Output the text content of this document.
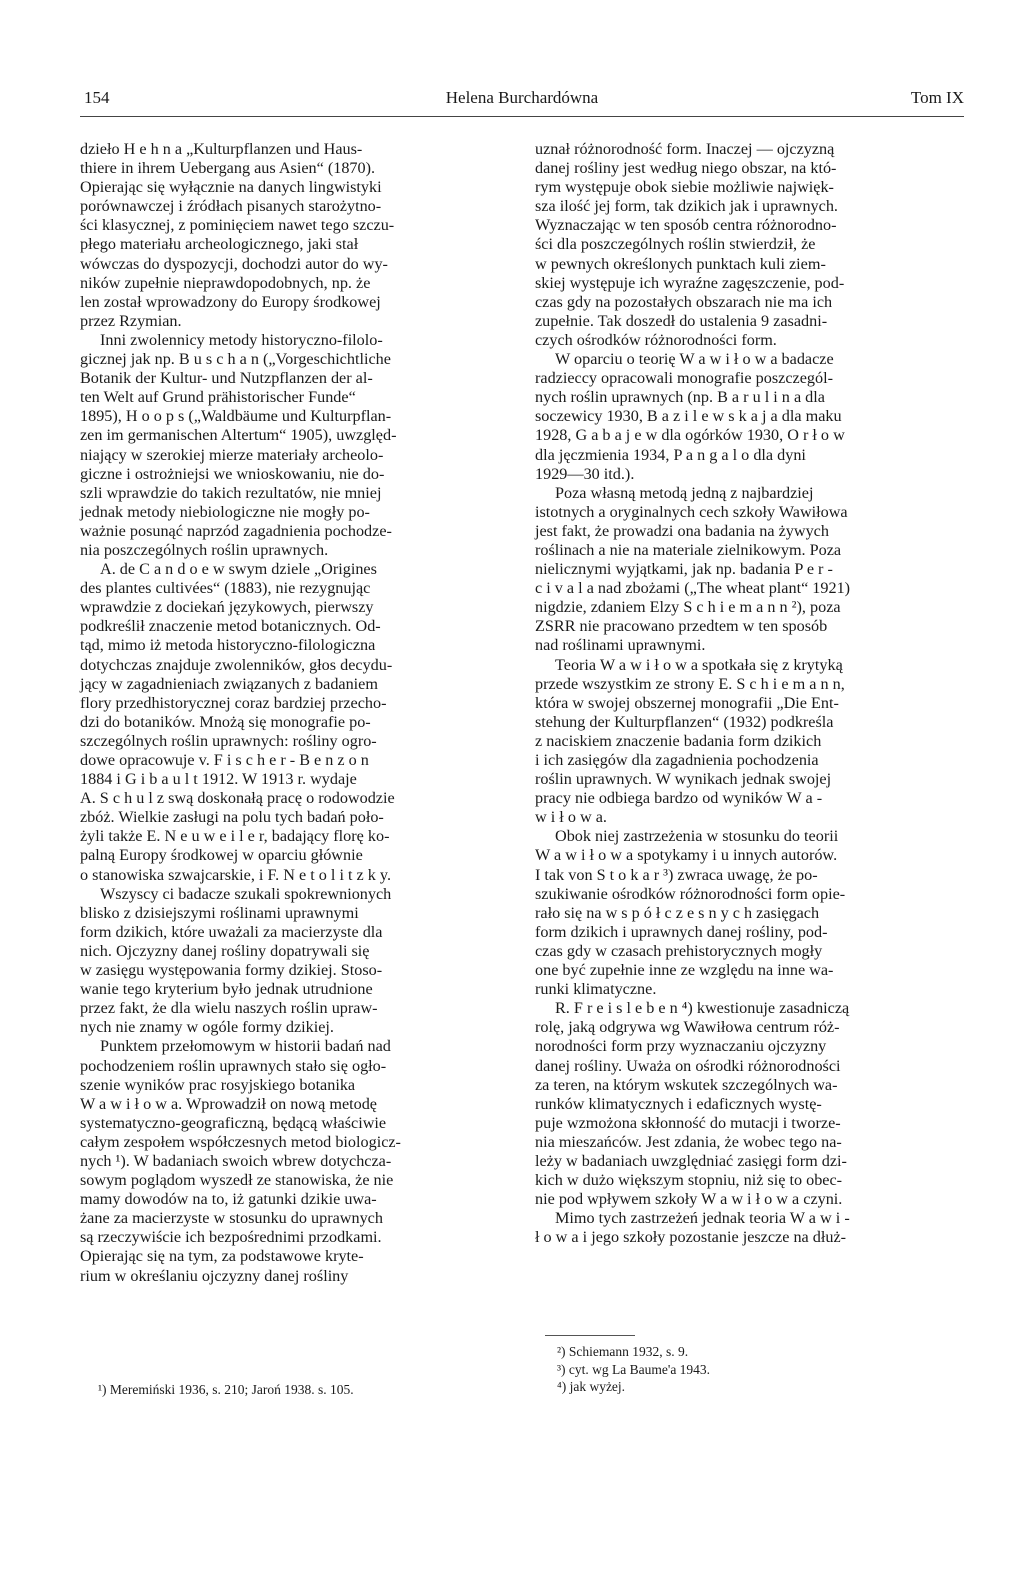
154	Helena Burchardówna	Tom IX

dzieło H e h n a „Kulturpflanzen und Haus-
thiere in ihrem Uebergang aus Asien“ (1870).
Opierając się wyłącznie na danych lingwistyki
porównawczej i źródłach pisanych starożytno-
ści klasycznej, z pominięciem nawet tego szczu-
płego materiału archeologicznego, jaki stał
wówczas do dyspozycji, dochodzi autor do wy-
ników zupełnie nieprawdopodobnych, np. że
len został wprowadzony do Europy środkowej
przez Rzymian.

Inni zwolennicy metody historyczno-filolo-
gicznej jak np. B u s c h a n („Vorgeschichtliche
Botanik der Kultur- und Nutzpflanzen der al-
ten Welt auf Grund prähistorischer Funde“
1895), H o o p s („Waldbäume und Kulturpflan-
zen im germanischen Altertum“ 1905), uwzględ-
niający w szerokiej mierze materiały archeolo-
giczne i ostrożniejsi we wnioskowaniu, nie do-
szli wprawdzie do takich rezultatów, nie mniej
jednak metody niebiologiczne nie mogły po-
ważnie posunąć naprzód zagadnienia pochodze-
nia poszczególnych roślin uprawnych.

A. de C a n d o e w swym dziele „Origines
des plantes cultivées“ (1883), nie rezygnując
wprawdzie z dociekań językowych, pierwszy
podkreślił znaczenie metod botanicznych. Od-
tąd, mimo iż metoda historyczno-filologiczna
dotychczas znajduje zwolenników, głos decydu-
jący w zagadnieniach związanych z badaniem
flory przedhistorycznej coraz bardziej przecho-
dzi do botaników. Mnożą się monografie po-
szczególnych roślin uprawnych: rośliny ogro-
dowe opracowuje v. F i s c h e r - B e n z o n
1884 i G i b a u l t 1912. W 1913 r. wydaje
A. S c h u l z swą doskonałą pracę o rodowodzie
zbóż. Wielkie zasługi na polu tych badań poło-
żyli także E. N e u w e i l e r, badający florę ko-
palną Europy środkowej w oparciu głównie
o stanowiska szwajcarskie, i F. N e t o l i t z k y.

Wszyscy ci badacze szukali spokrewnionych
blisko z dzisiejszymi roślinami uprawnymi
form dzikich, które uważali za macierzyste dla
nich. Ojczyzny danej rośliny dopatrywali się
w zasięgu występowania formy dzikiej. Stoso-
wanie tego kryterium było jednak utrudnione
przez fakt, że dla wielu naszych roślin upraw-
nych nie znamy w ogóle formy dzikiej.

Punktem przełomowym w historii badań nad
pochodzeniem roślin uprawnych stało się ogło-
szenie wyników prac rosyjskiego botanika
W a w i ł o w a. Wprowadził on nową metodę
systematyczno-geograficzną, będącą właściwie
całym zespołem współczesnych metod biologicz-
nych ¹). W badaniach swoich wbrew dotychcza-
sowym poglądom wyszedł ze stanowiska, że nie
mamy dowodów na to, iż gatunki dzikie uwa-
żane za macierzyste w stosunku do uprawnych
są rzeczywiście ich bezpośrednimi przodkami.
Opierając się na tym, za podstawowe kryte-
rium w określaniu ojczyzny danej rośliny

uznał różnorodność form. Inaczej — ojczyzną
danej rośliny jest według niego obszar, na któ-
rym występuje obok siebie możliwie najwięk-
sza ilość jej form, tak dzikich jak i uprawnych.
Wyznaczając w ten sposób centra różnorodno-
ści dla poszczególnych roślin stwierdził, że
w pewnych określonych punktach kuli ziem-
skiej występuje ich wyraźne zagęszczenie, pod-
czas gdy na pozostałych obszarach nie ma ich
zupełnie. Tak doszedł do ustalenia 9 zasadni-
czych ośrodków różnorodności form.

W oparciu o teorię W a w i ł o w a badacze
radzieccy opracowali monografie poszczegól-
nych roślin uprawnych (np. B a r u l i n a dla
soczewicy 1930, B a z i l e w s k a j a dla maku
1928, G a b a j e w dla ogórków 1930, O r ł o w
dla jęczmienia 1934, P a n g a l o dla dyni
1929—30 itd.).

Poza własną metodą jedną z najbardziej
istotnych a oryginalnych cech szkoły Wawiłowa
jest fakt, że prowadzi ona badania na żywych
roślinach a nie na materiale zielnikowym. Poza
nielicznymi wyjątkami, jak np. badania P e r -
c i v a l a nad zbożami („The wheat plant“ 1921)
nigdzie, zdaniem Elzy S c h i e m a n n ²), poza
ZSRR nie pracowano przedtem w ten sposób
nad roślinami uprawnymi.

Teoria W a w i ł o w a spotkała się z krytyką
przede wszystkim ze strony E. S c h i e m a n n,
która w swojej obszernej monografii „Die Ent-
stehung der Kulturpflanzen“ (1932) podkreśla
z naciskiem znaczenie badania form dzikich
i ich zasięgów dla zagadnienia pochodzenia
roślin uprawnych. W wynikach jednak swojej
pracy nie odbiega bardzo od wyników W a -
w i ł o w a.

Obok niej zastrzeżenia w stosunku do teorii
W a w i ł o w a spotykamy i u innych autorów.
I tak von S t o k a r ³) zwraca uwagę, że po-
szukiwanie ośrodków różnorodności form opie-
rało się na w s p ó ł c z e s n y c h zasięgach
form dzikich i uprawnych danej rośliny, pod-
czas gdy w czasach prehistorycznych mogły
one być zupełnie inne ze względu na inne wa-
runki klimatyczne.

R. F r e i s l e b e n ⁴) kwestionuje zasadniczą
rolę, jaką odgrywa wg Wawiłowa centrum róż-
norodności form przy wyznaczaniu ojczyzny
danej rośliny. Uważa on ośrodki różnorodności
za teren, na którym wskutek szczególnych wa-
runków klimatycznych i edaficznych wystę-
puje wzmożona skłonność do mutacji i tworze-
nia mieszańców. Jest zdania, że wobec tego na-
leży w badaniach uwzględniać zasięgi form dzi-
kich w dużo większym stopniu, niż się to obec-
nie pod wpływem szkoły W a w i ł o w a czyni.

Mimo tych zastrzeżeń jednak teoria W a w i -
ł o w a i jego szkoły pozostanie jeszcze na dłuż-

¹) Meremiński 1936, s. 210; Jaroń 1938. s. 105.
²) Schiemann 1932, s. 9.
³) cyt. wg La Baume'a 1943.
⁴) jak wyżej.
